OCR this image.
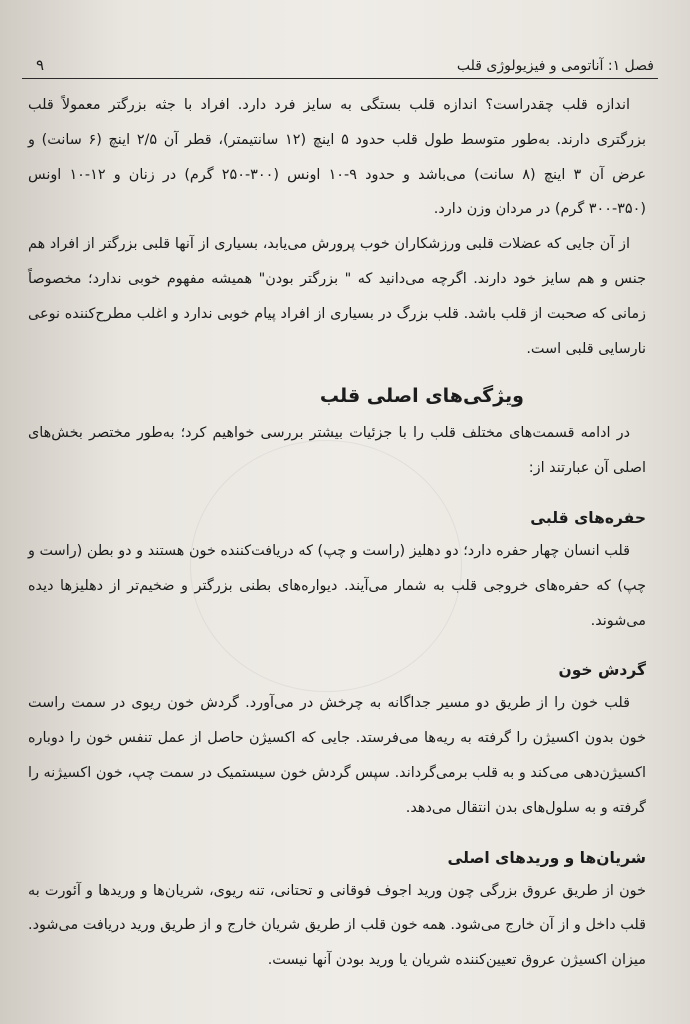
۹	فصل ۱: آناتومی و فیزیولوژی قلب

اندازه قلب چقدراست؟ اندازه قلب بستگی به سایز فرد دارد. افراد با جثه بزرگتر معمولاً قلب بزرگتری دارند. به‌طور متوسط طول قلب حدود ۵ اینچ (۱۲ سانتیمتر)، قطر آن ۲/۵ اینچ (۶ سانت) و عرض آن ۳ اینچ (۸ سانت) می‌باشد و حدود ۹-۱۰ اونس (۳۰۰-۲۵۰ گرم) در زنان و ۱۲-۱۰ اونس (۳۵۰-۳۰۰ گرم) در مردان وزن دارد.

از آن جایی که عضلات قلبی ورزشکاران خوب پرورش می‌یابد، بسیاری از آنها قلبی بزرگتر از افراد هم جنس و هم سایز خود دارند. اگرچه می‌دانید که " بزرگتر بودن" همیشه مفهوم خوبی ندارد؛ مخصوصاً زمانی که صحبت از قلب باشد. قلب بزرگ در بسیاری از افراد پیام خوبی ندارد و اغلب مطرح‌کننده نوعی نارسایی قلبی است.

ویژگی‌های اصلی قلب

در ادامه قسمت‌های مختلف قلب را با جزئیات بیشتر بررسی خواهیم کرد؛ به‌طور مختصر بخش‌های اصلی آن عبارتند از:

حفره‌های قلبی

قلب انسان چهار حفره دارد؛ دو دهلیز (راست و چپ) که دریافت‌کننده خون هستند و دو بطن (راست و چپ) که حفره‌های خروجی قلب به شمار می‌آیند. دیواره‌های بطنی بزرگتر و ضخیم‌تر از دهلیزها دیده می‌شوند.

گردش خون

قلب خون را از طریق دو مسیر جداگانه به چرخش در می‌آورد. گردش خون ریوی در سمت راست خون بدون اکسیژن را گرفته به ریه‌ها می‌فرستد. جایی که اکسیژن حاصل از عمل تنفس خون را دوباره اکسیژن‌دهی می‌کند و به قلب برمی‌گرداند. سپس گردش خون سیستمیک در سمت چپ، خون اکسیژنه را گرفته و به سلول‌های بدن انتقال می‌دهد.

شریان‌ها و وریدهای اصلی

خون از طریق عروق بزرگی چون ورید اجوف فوقانی و تحتانی، تنه ریوی، شریان‌ها و وریدها و آئورت به قلب داخل و از آن خارج می‌شود. همه خون قلب از طریق شریان خارج و از طریق ورید دریافت می‌شود. میزان اکسیژن عروق تعیین‌کننده شریان یا ورید بودن آنها نیست.
